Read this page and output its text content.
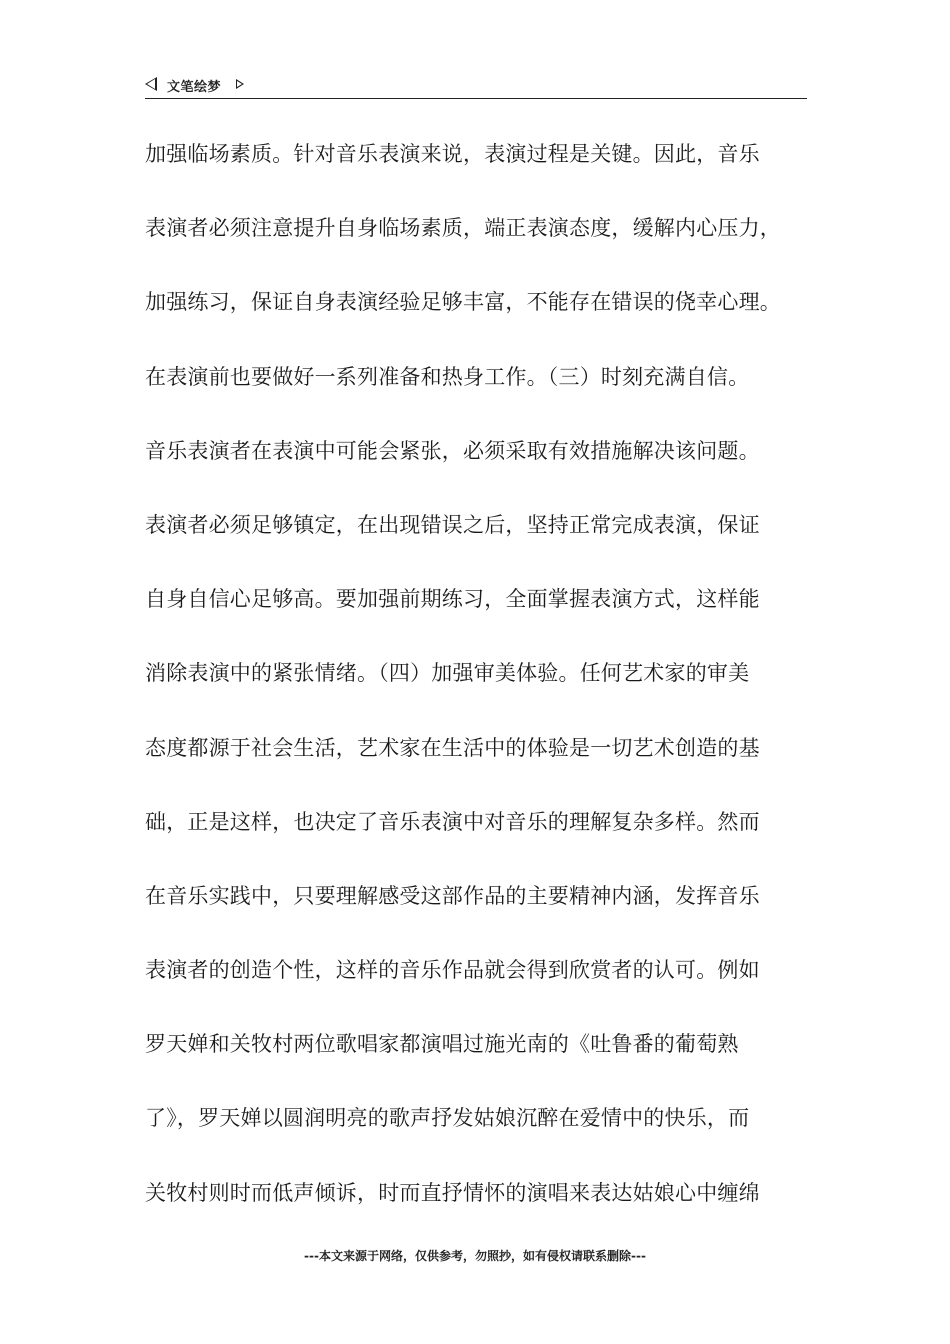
文笔绘梦
加强临场素质。针对音乐表演来说，表演过程是关键。因此，音乐
表演者必须注意提升自身临场素质，端正表演态度，缓解内心压力，
加强练习，保证自身表演经验足够丰富，不能存在错误的侥幸心理。
在表演前也要做好一系列准备和热身工作。（三）时刻充满自信。
音乐表演者在表演中可能会紧张，必须采取有效措施解决该问题。
表演者必须足够镇定，在出现错误之后，坚持正常完成表演，保证
自身自信心足够高。要加强前期练习，全面掌握表演方式，这样能
消除表演中的紧张情绪。（四）加强审美体验。任何艺术家的审美
态度都源于社会生活，艺术家在生活中的体验是一切艺术创造的基
础，正是这样，也决定了音乐表演中对音乐的理解复杂多样。然而
在音乐实践中，只要理解感受这部作品的主要精神内涵，发挥音乐
表演者的创造个性，这样的音乐作品就会得到欣赏者的认可。例如
罗天婵和关牧村两位歌唱家都演唱过施光南的《吐鲁番的葡萄熟
了》，罗天婵以圆润明亮的歌声抒发姑娘沉醉在爱情中的快乐，而
关牧村则时而低声倾诉，时而直抒情怀的演唱来表达姑娘心中缠绵
---本文来源于网络，仅供参考，勿照抄，如有侵权请联系删除---
